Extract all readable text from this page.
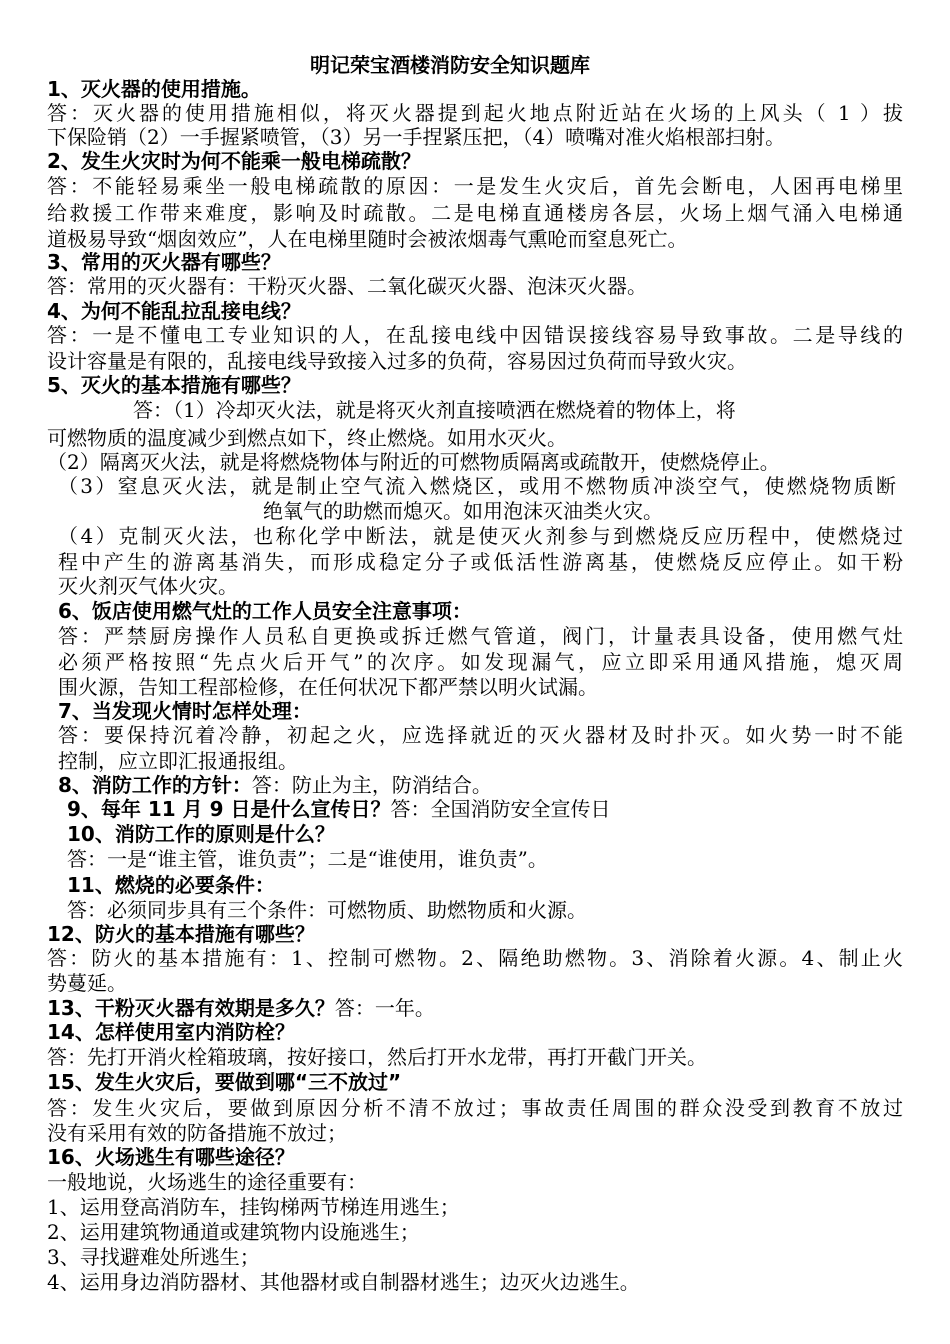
明记荣宝酒楼消防安全知识题库
1、灭火器的使用措施。
答：灭火器的使用措施相似，将灭火器提到起火地点附近站在火场的上风头（ 1 ）拔
下保险销（2）一手握紧喷管，（3）另一手捏紧压把，（4）喷嘴对准火焰根部扫射。
2、发生火灾时为何不能乘一般电梯疏散？
答：不能轻易乘坐一般电梯疏散的原因：一是发生火灾后，首先会断电，人困再电梯里
给救援工作带来难度，影响及时疏散。二是电梯直通楼房各层，火场上烟气涌入电梯通
道极易导致“烟囱效应”，人在电梯里随时会被浓烟毒气熏呛而窒息死亡。
3、常用的灭火器有哪些？
答：常用的灭火器有：干粉灭火器、二氧化碳灭火器、泡沫灭火器。
4、为何不能乱拉乱接电线？
答：一是不懂电工专业知识的人，在乱接电线中因错误接线容易导致事故。二是导线的
设计容量是有限的，乱接电线导致接入过多的负荷，容易因过负荷而导致火灾。
5、灭火的基本措施有哪些？
答：（1）冷却灭火法，就是将灭火剂直接喷洒在燃烧着的物体上，将
可燃物质的温度减少到燃点如下，终止燃烧。如用水灭火。
（2）隔离灭火法，就是将燃烧物体与附近的可燃物质隔离或疏散开，使燃烧停止。
（3）窒息灭火法，就是制止空气流入燃烧区，或用不燃物质冲淡空气，使燃烧物质断
绝氧气的助燃而熄灭。如用泡沫灭油类火灾。
（4）克制灭火法，也称化学中断法，就是使灭火剂参与到燃烧反应历程中，使燃烧过
程中产生的游离基消失，而形成稳定分子或低活性游离基，使燃烧反应停止。如干粉
灭火剂灭气体火灾。
6、饭店使用燃气灶的工作人员安全注意事项：
答：严禁厨房操作人员私自更换或拆迁燃气管道，阀门，计量表具设备，使用燃气灶
必须严格按照“先点火后开气”的次序。如发现漏气，应立即采用通风措施，熄灭周
围火源，告知工程部检修，在任何状况下都严禁以明火试漏。
7、当发现火情时怎样处理：
答：要保持沉着冷静，初起之火，应选择就近的灭火器材及时扑灭。如火势一时不能
控制，应立即汇报通报组。
8、消防工作的方针：答：防止为主，防消结合。
9、每年 11 月 9 日是什么宣传日？答：全国消防安全宣传日
10、消防工作的原则是什么？
答：一是“谁主管，谁负责”；二是“谁使用，谁负责”。
11、燃烧的必要条件：
答：必须同步具有三个条件：可燃物质、助燃物质和火源。
12、防火的基本措施有哪些？
答：防火的基本措施有：1、控制可燃物。2、隔绝助燃物。3、消除着火源。4、制止火
势蔓延。
13、干粉灭火器有效期是多久？答：一年。
14、怎样使用室内消防栓？
答：先打开消火栓箱玻璃，按好接口，然后打开水龙带，再打开截门开关。
15、发生火灾后，要做到哪“三不放过”
答：发生火灾后，要做到原因分析不清不放过；事故责任周围的群众没受到教育不放过
没有采用有效的防备措施不放过；
16、火场逃生有哪些途径？
一般地说，火场逃生的途径重要有：
1、运用登高消防车，挂钩梯两节梯连用逃生；
2、运用建筑物通道或建筑物内设施逃生；
3、寻找避难处所逃生；
4、运用身边消防器材、其他器材或自制器材逃生；边灭火边逃生。
